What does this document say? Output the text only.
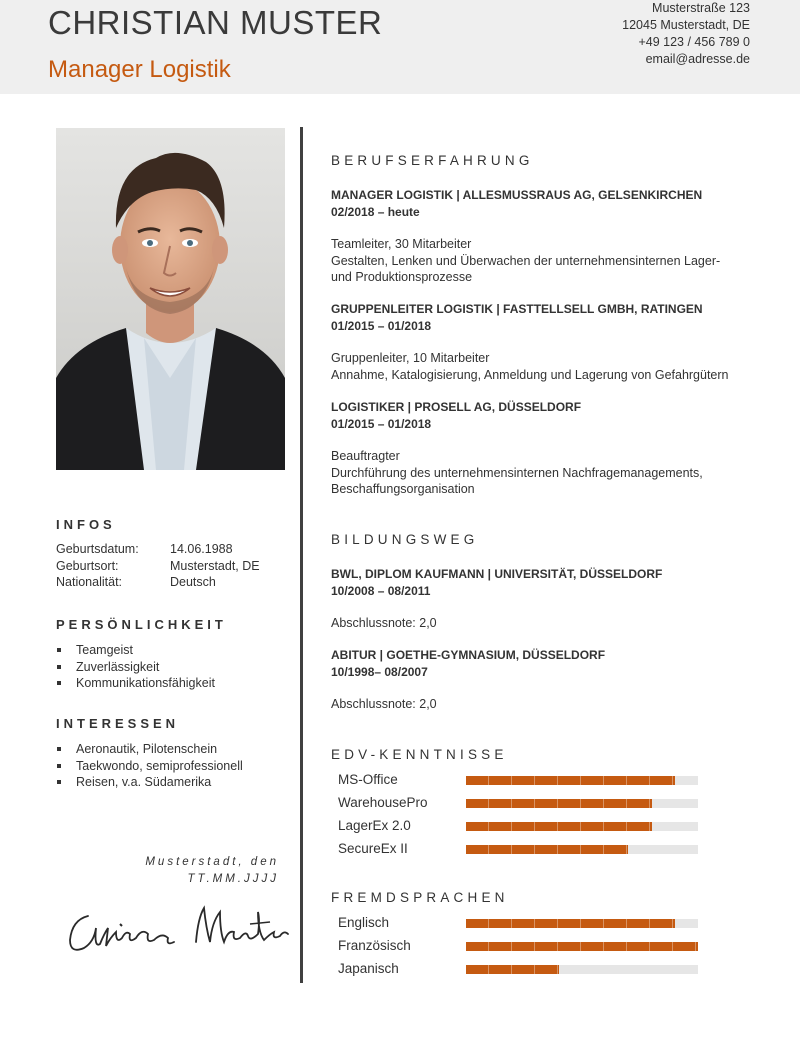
CHRISTIAN MUSTER
Manager Logistik
Musterstraße 123
12045 Musterstadt, DE
+49 123 / 456 789 0
email@adresse.de
INFOS
Geburtsdatum:	14.06.1988
Geburtsort:	Musterstadt, DE
Nationalität:	Deutsch
PERSÖNLICHKEIT
Teamgeist
Zuverlässigkeit
Kommunikationsfähigkeit
INTERESSEN
Aeronautik, Pilotenschein
Taekwondo, semiprofessionell
Reisen, v.a. Südamerika
Musterstadt, den
TT.MM.JJJJ
BERUFSERFAHRUNG
MANAGER LOGISTIK | ALLESMUSSRAUS AG, GELSENKIRCHEN
02/2018 – heute
Teamleiter, 30 Mitarbeiter
Gestalten, Lenken und Überwachen der unternehmensinternen Lager- und Produktionsprozesse
GRUPPENLEITER LOGISTIK | FASTTELLSELL GMBH, RATINGEN
01/2015 – 01/2018
Gruppenleiter, 10 Mitarbeiter
Annahme, Katalogisierung, Anmeldung und Lagerung von Gefahrgütern
LOGISTIKER | PROSELL AG, DÜSSELDORF
01/2015 – 01/2018
Beauftragter
Durchführung des unternehmensinternen Nachfragemanagements, Beschaffungsorganisation
BILDUNGSWEG
BWL, DIPLOM KAUFMANN | UNIVERSITÄT, DÜSSELDORF
10/2008 – 08/2011
Abschlussnote: 2,0
ABITUR | GOETHE-GYMNASIUM, DÜSSELDORF
10/1998– 08/2007
Abschlussnote: 2,0
EDV-KENNTNISSE
MS-Office
WarehousePro
LagerEx 2.0
SecureEx II
FREMDSPRACHEN
Englisch
Französisch
Japanisch
